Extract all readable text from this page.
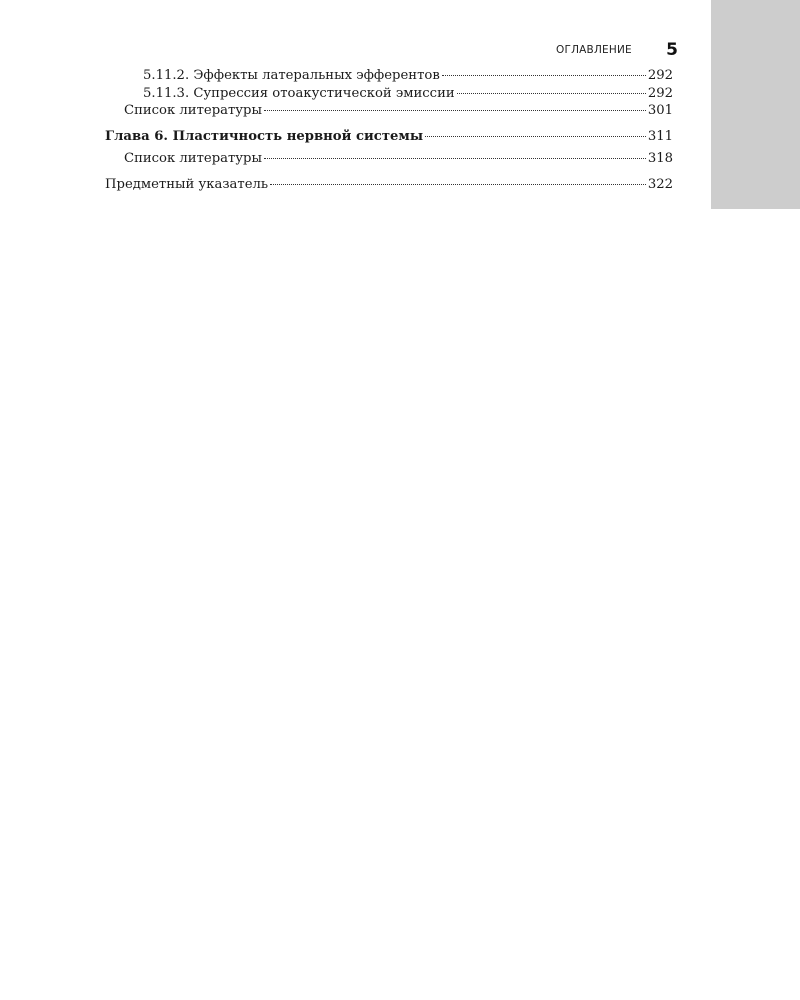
ОГЛАВЛЕНИЕ 5
5.11.2. Эффекты латеральных эфферентов	292
5.11.3. Супрессия отоакустической эмиссии	292
Список литературы	301
Глава 6. Пластичность нервной системы	311
Список литературы	318
Предметный указатель	322
